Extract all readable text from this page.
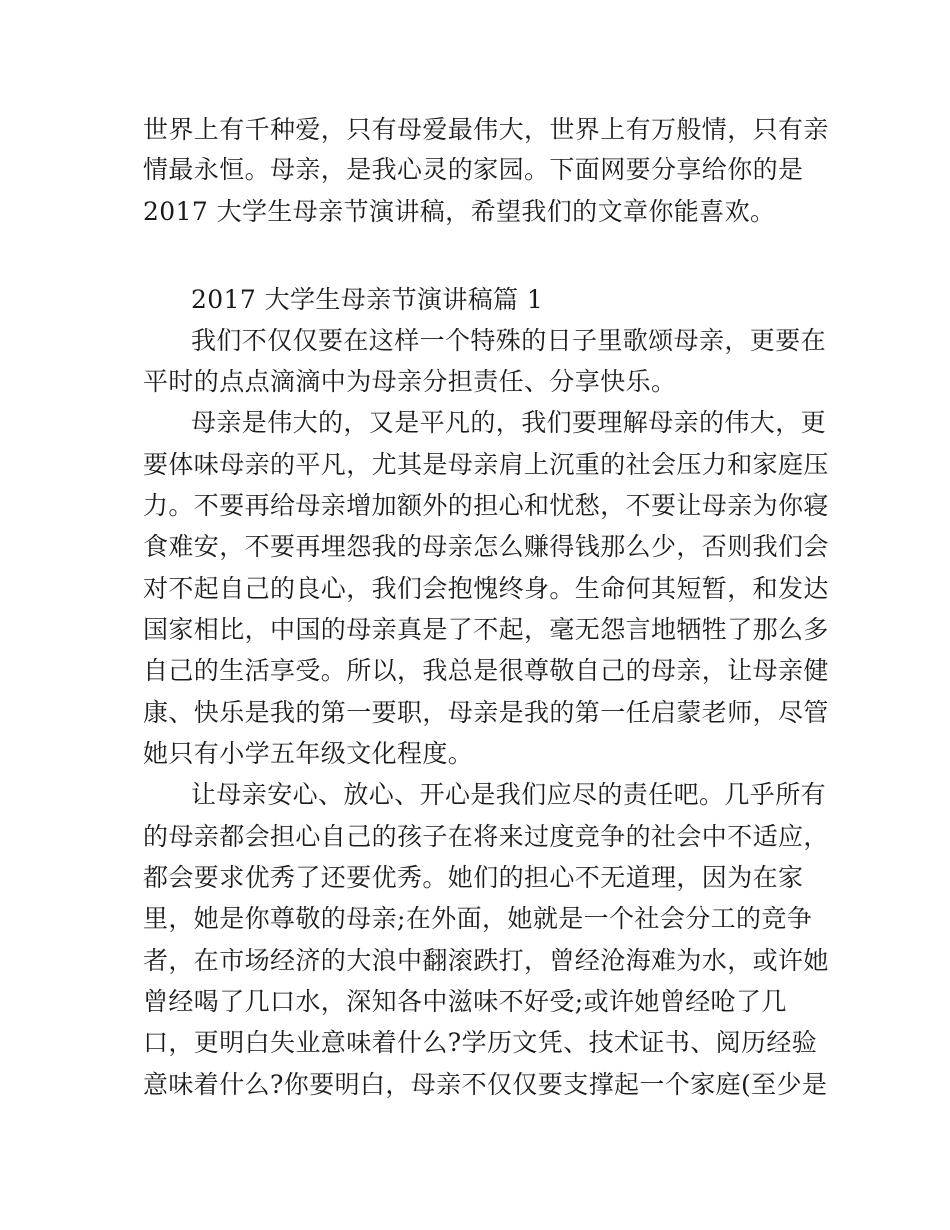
世界上有千种爱，只有母爱最伟大，世界上有万般情，只有亲
情最永恒。母亲，是我心灵的家园。下面网要分享给你的是
2017 大学生母亲节演讲稿，希望我们的文章你能喜欢。
2017 大学生母亲节演讲稿篇 1
我们不仅仅要在这样一个特殊的日子里歌颂母亲，更要在
平时的点点滴滴中为母亲分担责任、分享快乐。
母亲是伟大的，又是平凡的，我们要理解母亲的伟大，更
要体味母亲的平凡，尤其是母亲肩上沉重的社会压力和家庭压
力。不要再给母亲增加额外的担心和忧愁，不要让母亲为你寝
食难安，不要再埋怨我的母亲怎么赚得钱那么少，否则我们会
对不起自己的良心，我们会抱愧终身。生命何其短暂，和发达
国家相比，中国的母亲真是了不起，毫无怨言地牺牲了那么多
自己的生活享受。所以，我总是很尊敬自己的母亲，让母亲健
康、快乐是我的第一要职，母亲是我的第一任启蒙老师，尽管
她只有小学五年级文化程度。
让母亲安心、放心、开心是我们应尽的责任吧。几乎所有
的母亲都会担心自己的孩子在将来过度竞争的社会中不适应，
都会要求优秀了还要优秀。她们的担心不无道理，因为在家
里，她是你尊敬的母亲;在外面，她就是一个社会分工的竞争
者，在市场经济的大浪中翻滚跌打，曾经沧海难为水，或许她
曾经喝了几口水，深知各中滋味不好受;或许她曾经呛了几
口，更明白失业意味着什么?学历文凭、技术证书、阅历经验
意味着什么?你要明白，母亲不仅仅要支撑起一个家庭(至少是
